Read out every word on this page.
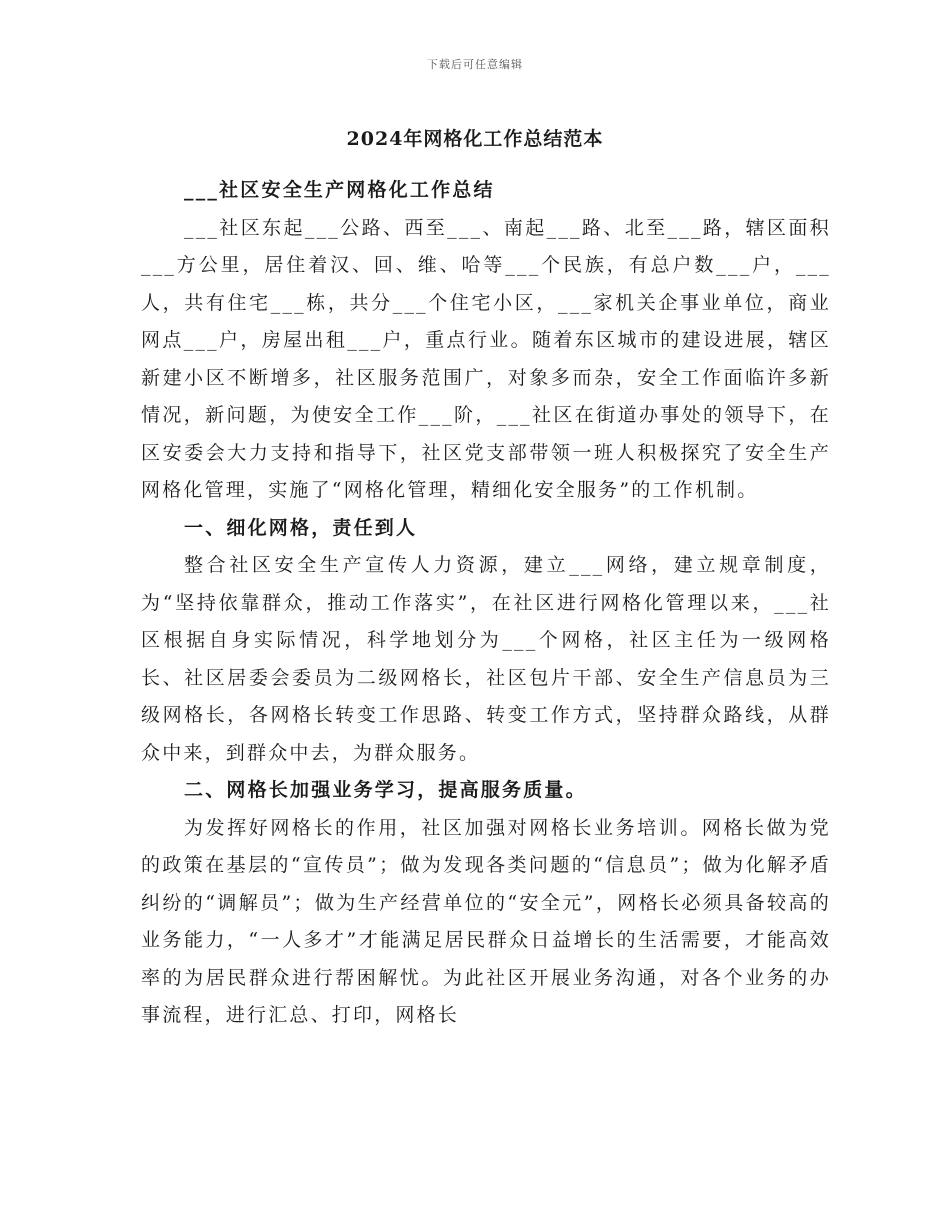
下载后可任意编辑
2024年网格化工作总结范本

___社区安全生产网格化工作总结

___社区东起___公路、西至___、南起___路、北至___路，辖区面积___方公里，居住着汉、回、维、哈等___个民族，有总户数___户，___人，共有住宅___栋，共分___个住宅小区，___家机关企事业单位，商业网点___户，房屋出租___户，重点行业。随着东区城市的建设进展，辖区新建小区不断增多，社区服务范围广，对象多而杂，安全工作面临许多新情况，新问题，为使安全工作___阶，___社区在街道办事处的领导下，在区安委会大力支持和指导下，社区党支部带领一班人积极探究了安全生产网格化管理，实施了“网格化管理，精细化安全服务”的工作机制。

一、细化网格，责任到人

整合社区安全生产宣传人力资源，建立___网络，建立规章制度，为“坚持依靠群众，推动工作落实”，在社区进行网格化管理以来，___社区根据自身实际情况，科学地划分为___个网格，社区主任为一级网格长、社区居委会委员为二级网格长，社区包片干部、安全生产信息员为三级网格长，各网格长转变工作思路、转变工作方式，坚持群众路线，从群众中来，到群众中去，为群众服务。

二、网格长加强业务学习，提高服务质量。

为发挥好网格长的作用，社区加强对网格长业务培训。网格长做为党的政策在基层的“宣传员”；做为发现各类问题的“信息员”；做为化解矛盾纠纷的“调解员”；做为生产经营单位的“安全元”，网格长必须具备较高的业务能力，“一人多才”才能满足居民群众日益增长的生活需要，才能高效率的为居民群众进行帮困解忧。为此社区开展业务沟通，对各个业务的办事流程，进行汇总、打印，网格长
